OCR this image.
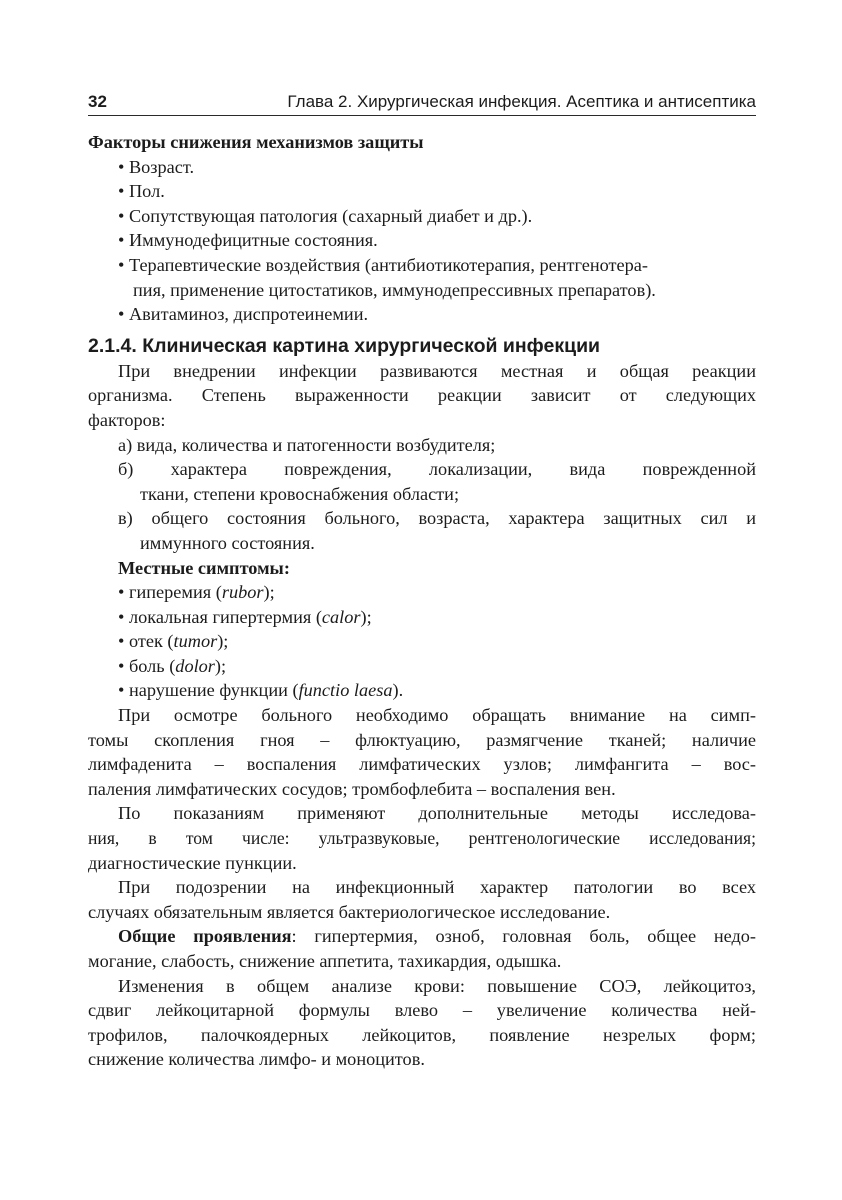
32	Глава 2. Хирургическая инфекция. Асептика и антисептика

Факторы снижения механизмов защиты

• Возраст.

• Пол.

• Сопутствующая патология (сахарный диабет и др.).

• Иммунодефицитные состояния.

• Терапевтические воздействия (антибиотикотерапия, рентгенотера-

пия, применение цитостатиков, иммунодепрессивных препаратов).

• Авитаминоз, диспротеинемии.

2.1.4. Клиническая картина хирургической инфекции

При внедрении инфекции развиваются местная и общая реакции

организма. Степень выраженности реакции зависит от следующих

факторов:

а) вида, количества и патогенности возбудителя;

б) характера повреждения, локализации, вида поврежденной

ткани, степени кровоснабжения области;

в) общего состояния больного, возраста, характера защитных сил и

иммунного состояния.

Местные симптомы:

• гиперемия (rubor);

• локальная гипертермия (calor);

• отек (tumor);

• боль (dolor);

• нарушение функции (functio laesa).

При осмотре больного необходимо обращать внимание на симп-

томы скопления гноя – флюктуацию, размягчение тканей; наличие

лимфаденита – воспаления лимфатических узлов; лимфангита – вос-

паления лимфатических сосудов; тромбофлебита – воспаления вен.

По показаниям применяют дополнительные методы исследова-

ния, в том числе: ультразвуковые, рентгенологические исследования;

диагностические пункции.

При подозрении на инфекционный характер патологии во всех

случаях обязательным является бактериологическое исследование.

Общие проявления: гипертермия, озноб, головная боль, общее недо-

могание, слабость, снижение аппетита, тахикардия, одышка.

Изменения в общем анализе крови: повышение СОЭ, лейкоцитоз,

сдвиг лейкоцитарной формулы влево – увеличение количества ней-

трофилов, палочкоядерных лейкоцитов, появление незрелых форм;

снижение количества лимфо- и моноцитов.
